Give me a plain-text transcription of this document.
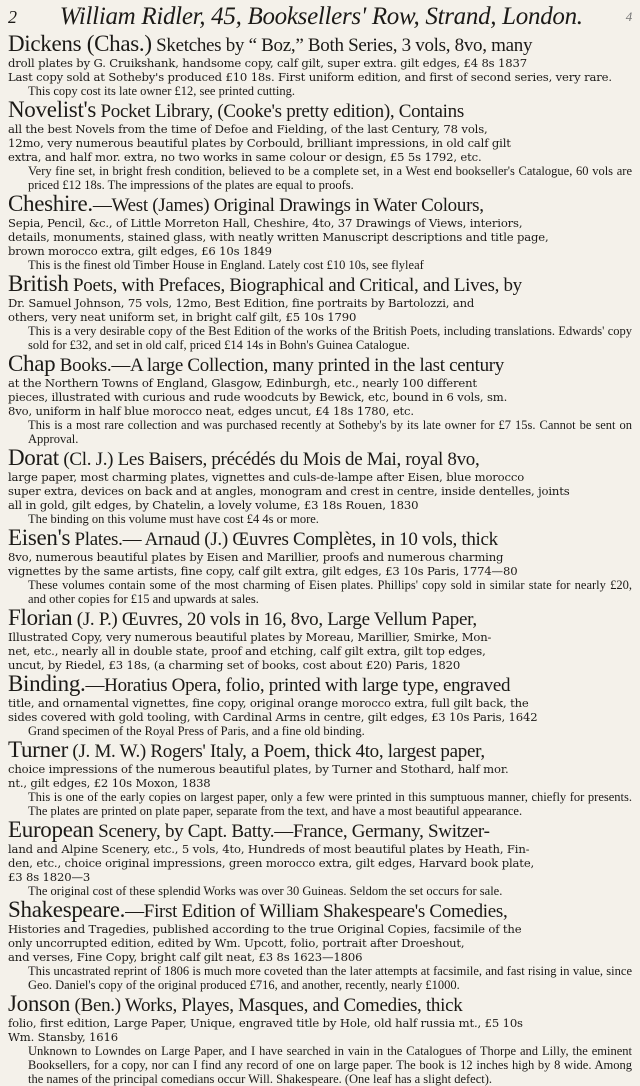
2	4
William Ridler, 45, Booksellers' Row, Strand, London.

Dickens (Chas.) Sketches by “ Boz,” Both Series, 3 vols, 8vo, many

droll plates by G. Cruikshank, handsome copy, calf gilt, super extra. gilt edges, £4 8s 1837

Last copy sold at Sotheby's produced £10 18s. First uniform edition, and first of second series, very rare.

This copy cost its late owner £12, see printed cutting.

Novelist's Pocket Library, (Cooke's pretty edition), Contains

all the best Novels from the time of Defoe and Fielding, of the last Century, 78 vols,

12mo, very numerous beautiful plates by Corbould, brilliant impressions, in old calf gilt

extra, and half mor. extra, no two works in same colour or design, £5 5s 1792, etc.

Very fine set, in bright fresh condition, believed to be a complete set, in a West end bookseller's Catalogue, 60 vols are priced £12 18s. The impressions of the plates are equal to proofs.

Cheshire.—West (James) Original Drawings in Water Colours,

Sepia, Pencil, &c., of Little Morreton Hall, Cheshire, 4to, 37 Drawings of Views, interiors,

details, monuments, stained glass, with neatly written Manuscript descriptions and title page,

brown morocco extra, gilt edges, £6 10s 1849

This is the finest old Timber House in England. Lately cost £10 10s, see flyleaf

British Poets, with Prefaces, Biographical and Critical, and Lives, by

Dr. Samuel Johnson, 75 vols, 12mo, Best Edition, fine portraits by Bartolozzi, and

others, very neat uniform set, in bright calf gilt, £5 10s 1790

This is a very desirable copy of the Best Edition of the works of the British Poets, including translations. Edwards' copy sold for £32, and set in old calf, priced £14 14s in Bohn's Guinea Catalogue.

Chap Books.—A large Collection, many printed in the last century

at the Northern Towns of England, Glasgow, Edinburgh, etc., nearly 100 different

pieces, illustrated with curious and rude woodcuts by Bewick, etc, bound in 6 vols, sm.

8vo, uniform in half blue morocco neat, edges uncut, £4 18s 1780, etc.

This is a most rare collection and was purchased recently at Sotheby's by its late owner for £7 15s. Cannot be sent on Approval.

Dorat (Cl. J.) Les Baisers, précédés du Mois de Mai, royal 8vo,

large paper, most charming plates, vignettes and culs-de-lampe after Eisen, blue morocco

super extra, devices on back and at angles, monogram and crest in centre, inside dentelles, joints

all in gold, gilt edges, by Chatelin, a lovely volume, £3 18s Rouen, 1830

The binding on this volume must have cost £4 4s or more.

Eisen's Plates.— Arnaud (J.) Œuvres Complètes, in 10 vols, thick

8vo, numerous beautiful plates by Eisen and Marillier, proofs and numerous charming

vignettes by the same artists, fine copy, calf gilt extra, gilt edges, £3 10s Paris, 1774—80

These volumes contain some of the most charming of Eisen plates. Phillips' copy sold in similar state for nearly £20, and other copies for £15 and upwards at sales.

Florian (J. P.) Œuvres, 20 vols in 16, 8vo, Large Vellum Paper,

Illustrated Copy, very numerous beautiful plates by Moreau, Marillier, Smirke, Mon-

net, etc., nearly all in double state, proof and etching, calf gilt extra, gilt top edges,

uncut, by Riedel, £3 18s, (a charming set of books, cost about £20) Paris, 1820

Binding.—Horatius Opera, folio, printed with large type, engraved

title, and ornamental vignettes, fine copy, original orange morocco extra, full gilt back, the

sides covered with gold tooling, with Cardinal Arms in centre, gilt edges, £3 10s Paris, 1642

Grand specimen of the Royal Press of Paris, and a fine old binding.

Turner (J. M. W.) Rogers' Italy, a Poem, thick 4to, largest paper,

choice impressions of the numerous beautiful plates, by Turner and Stothard, half mor.

nt., gilt edges, £2 10s Moxon, 1838

This is one of the early copies on largest paper, only a few were printed in this sumptuous manner, chiefly for presents. The plates are printed on plate paper, separate from the text, and have a most beautiful appearance.

European Scenery, by Capt. Batty.—France, Germany, Switzer-

land and Alpine Scenery, etc., 5 vols, 4to, Hundreds of most beautiful plates by Heath, Fin-

den, etc., choice original impressions, green morocco extra, gilt edges, Harvard book plate,

£3 8s 1820—3

The original cost of these splendid Works was over 30 Guineas. Seldom the set occurs for sale.

Shakespeare.—First Edition of William Shakespeare's Comedies,

Histories and Tragedies, published according to the true Original Copies, facsimile of the

only uncorrupted edition, edited by Wm. Upcott, folio, portrait after Droeshout,

and verses, Fine Copy, bright calf gilt neat, £3 8s 1623—1806

This uncastrated reprint of 1806 is much more coveted than the later attempts at facsimile, and fast rising in value, since Geo. Daniel's copy of the original produced £716, and another, recently, nearly £1000.

Jonson (Ben.) Works, Playes, Masques, and Comedies, thick

folio, first edition, Large Paper, Unique, engraved title by Hole, old half russia mt., £5 10s

Wm. Stansby, 1616

Unknown to Lowndes on Large Paper, and I have searched in vain in the Catalogues of Thorpe and Lilly, the eminent Booksellers, for a copy, nor can I find any record of one on large paper. The book is 12 inches high by 8 wide. Among the names of the principal comedians occur Will. Shakespeare. (One leaf has a slight defect).
